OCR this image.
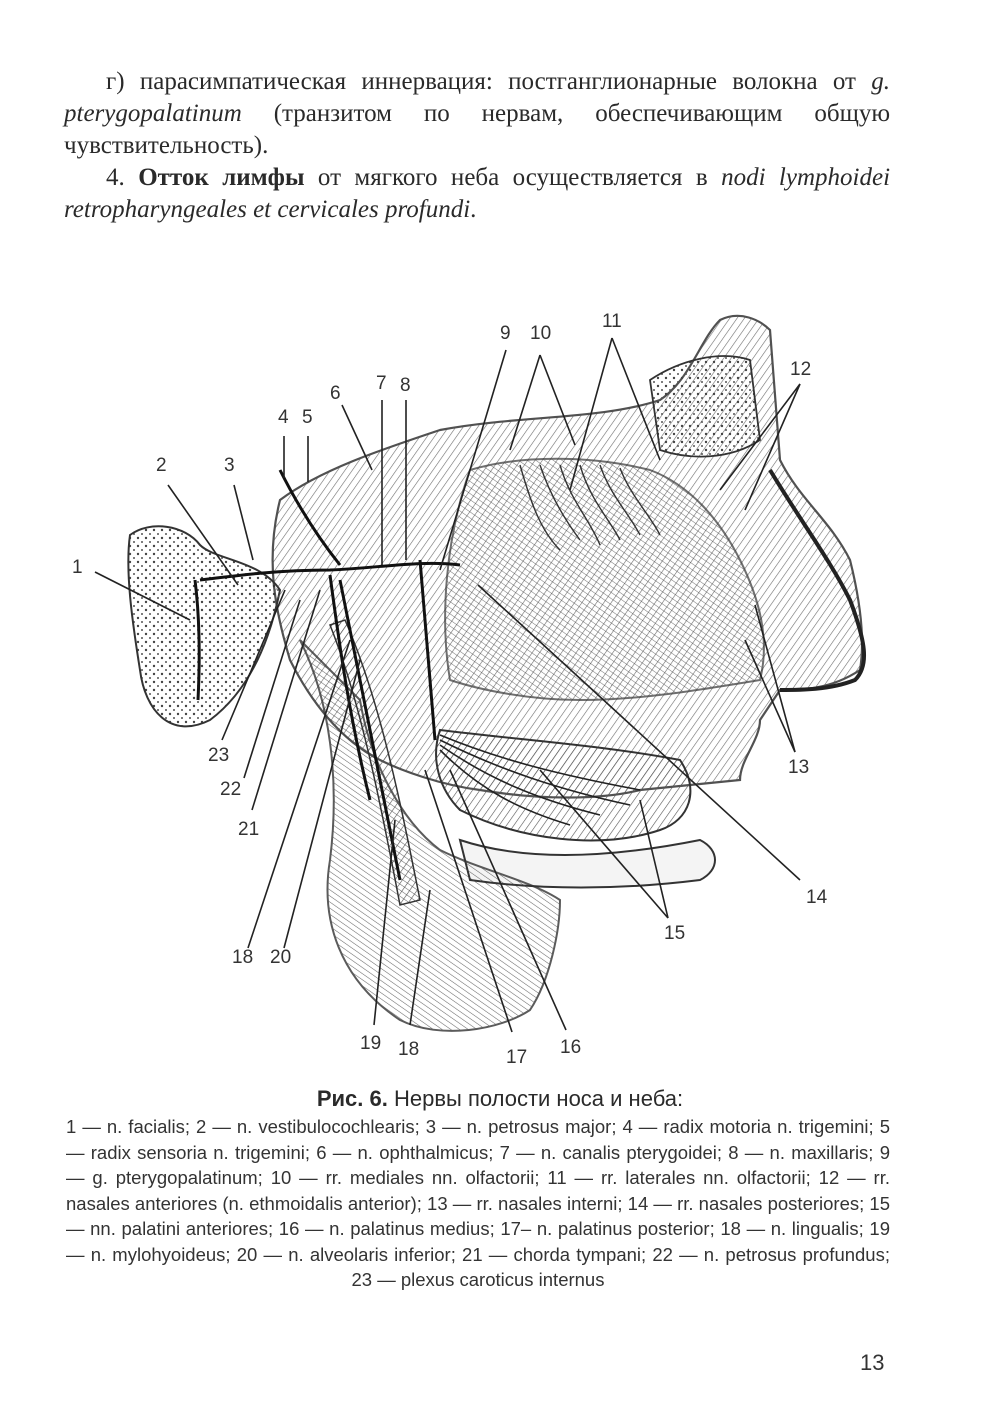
г) парасимпатическая иннервация: постганглионарные волокна от g. pterygopalatinum (транзитом по нервам, обеспечивающим общую чувствительность).

4. Отток лимфы от мягкого неба осуществляется в nodi lymphoidei retropharyngeales et cervicales profundi.

1
2	3
4 5
6 7 8
9 10
11
12
13
14
15
16
17
18 20
19 18
21
22
23
Рис. 6. Нервы полости носа и неба:
1 — n. facialis; 2 — n. vestibulocochlearis; 3 — n. petrosus major; 4 — radix motoria n. trigemini; 5 — radix sensoria n. trigemini; 6 — n. ophthalmicus; 7 — n. canalis pterygoidei; 8 — n. maxillaris; 9 — g. pterygopalatinum; 10 — rr. mediales nn. olfactorii; 11 — rr. laterales nn. olfactorii; 12 — rr. nasales anteriores (n. ethmoidalis anterior); 13 — rr. nasales interni; 14 — rr. nasales posteriores; 15 — nn. palatini anteriores; 16 — n. palatinus medius; 17– n. palatinus posterior; 18 — n. lingualis; 19 — n. mylohyoideus; 20 — n. alveolaris inferior; 21 — chorda tympani; 22 — n. petrosus profundus; 23 — plexus caroticus internus
13
